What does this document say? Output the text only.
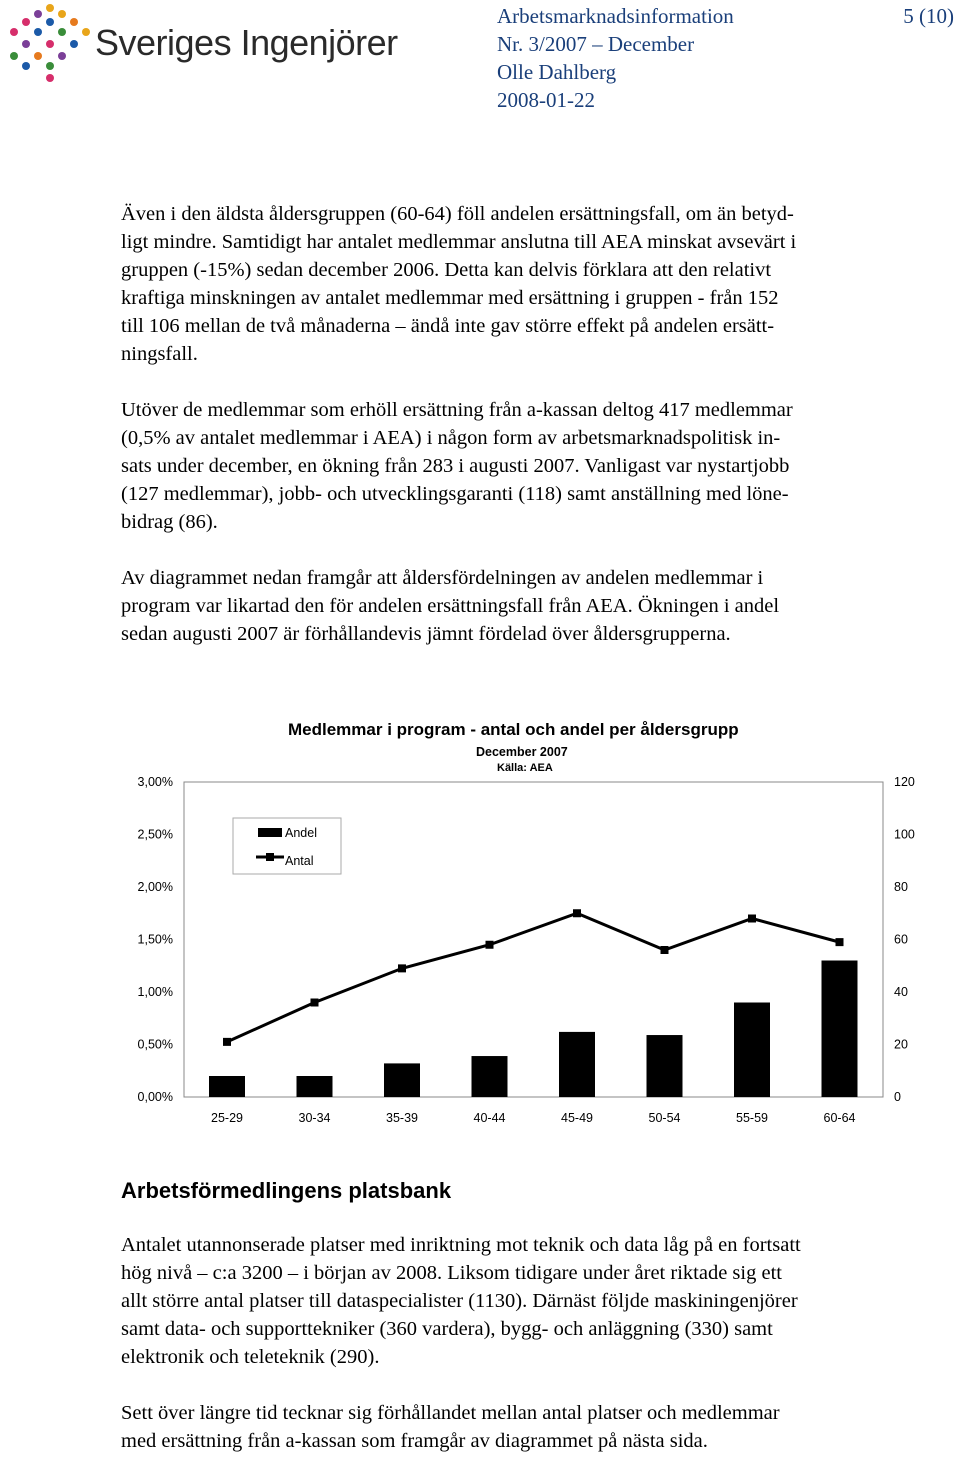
Sveriges Ingenjörer
Arbetsmarknadsinformation
Nr. 3/2007 – December
Olle Dahlberg
2008-01-22
5 (10)
Även i den äldsta åldersgruppen (60-64) föll andelen ersättningsfall, om än betyd-
ligt mindre. Samtidigt har antalet medlemmar anslutna till AEA minskat avsevärt i
gruppen (-15%) sedan december 2006. Detta kan delvis förklara att den relativt
kraftiga minskningen av antalet medlemmar med ersättning i gruppen - från 152
till 106 mellan de två månaderna – ändå inte gav större effekt på andelen ersätt-
ningsfall.
Utöver de medlemmar som erhöll ersättning från a-kassan deltog 417 medlemmar
(0,5% av antalet medlemmar i AEA) i någon form av arbetsmarknadspolitisk in-
sats under december, en ökning från 283 i augusti 2007. Vanligast var nystartjobb
(127 medlemmar), jobb- och utvecklingsgaranti (118) samt anställning med löne-
bidrag (86).
Av diagrammet nedan framgår att åldersfördelningen av andelen medlemmar i
program var likartad den för andelen ersättningsfall från AEA. Ökningen i andel
sedan augusti 2007 är förhållandevis jämnt fördelad över åldersgrupperna.
Medlemmar i program - antal och andel per åldersgrupp
December 2007
Källa: AEA
0,00%
0,50%
1,00%
1,50%
2,00%
2,50%
3,00%
0
20
40
60
80
100
120
25-29	30-34	35-39	40-44	45-49	50-54	55-59	60-64
Andel
Antal
Arbetsförmedlingens platsbank
Antalet utannonserade platser med inriktning mot teknik och data låg på en fortsatt
hög nivå – c:a 3200 – i början av 2008. Liksom tidigare under året riktade sig ett
allt större antal platser till dataspecialister (1130). Därnäst följde maskiningenjörer
samt data- och supporttekniker (360 vardera), bygg- och anläggning (330) samt
elektronik och teleteknik (290).
Sett över längre tid tecknar sig förhållandet mellan antal platser och medlemmar
med ersättning från a-kassan som framgår av diagrammet på nästa sida.
